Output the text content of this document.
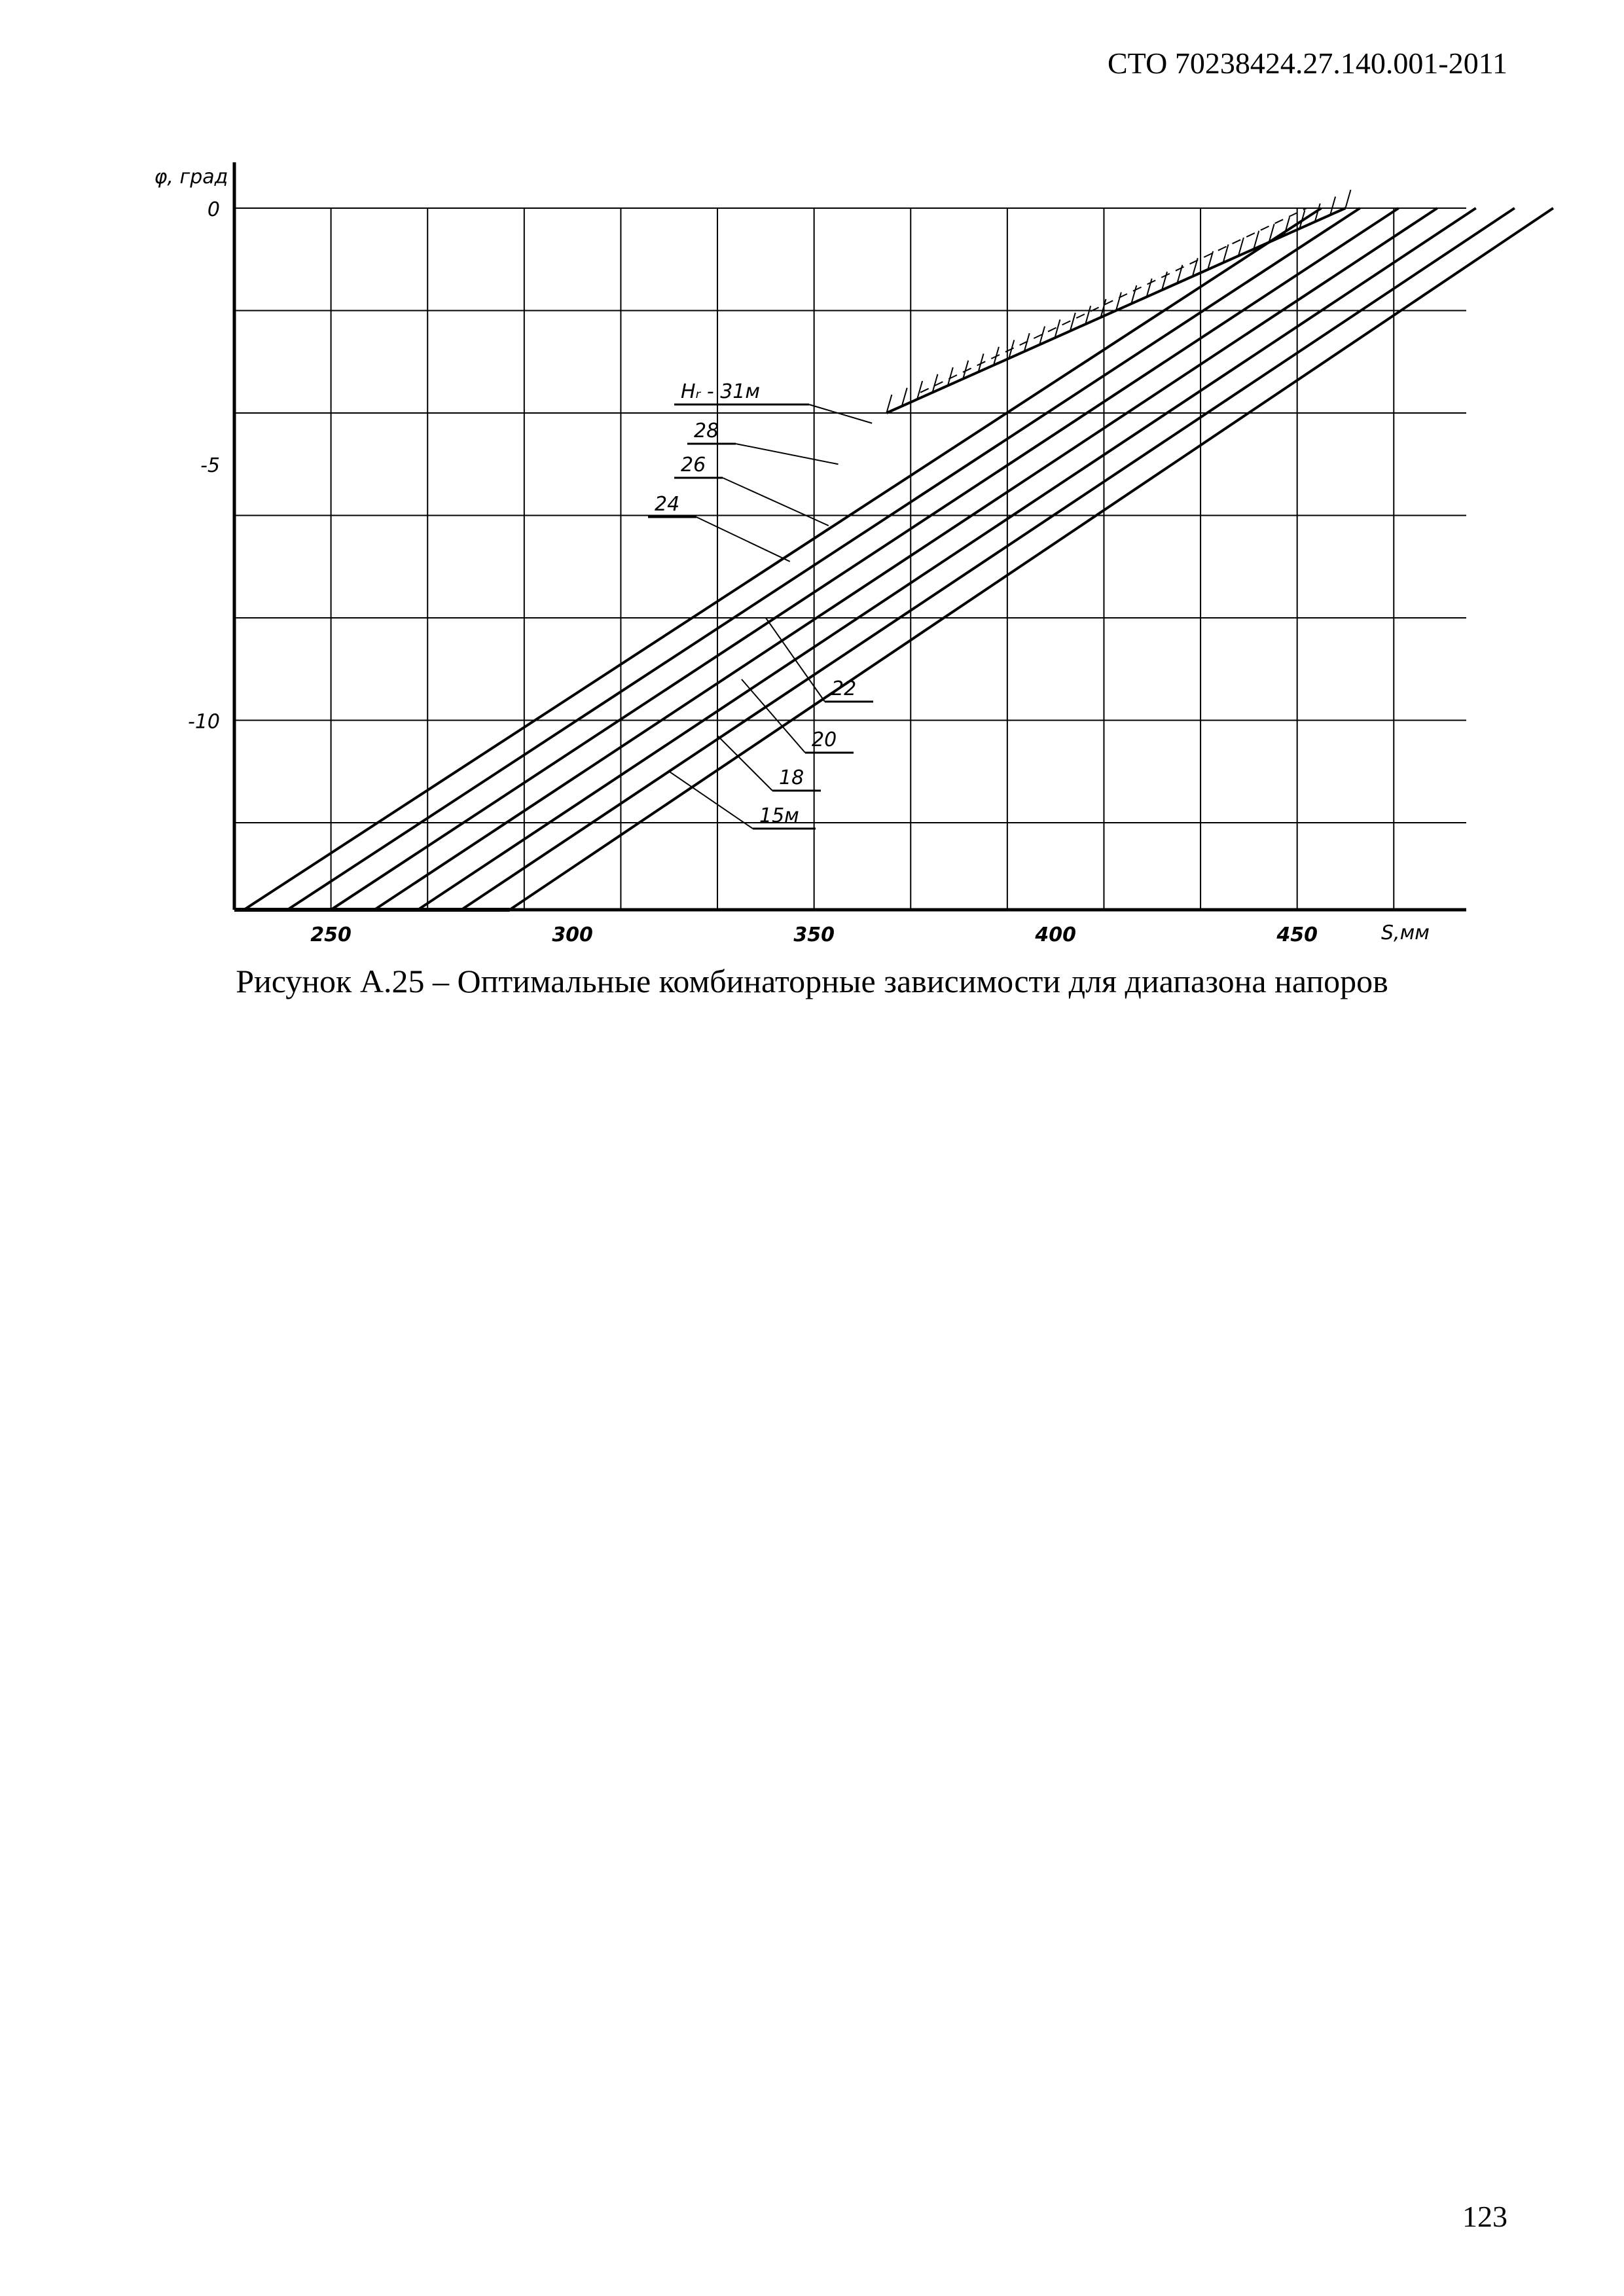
СТО 70238424.27.140.001-2011
250	300	350	400	450
0
-5
-10
Hᵣ - 31м
28
26
24
22
20
18
15м
φ, град
S,мм
Рисунок А.25 – Оптимальные комбинаторные зависимости для диапазона напоров
123
